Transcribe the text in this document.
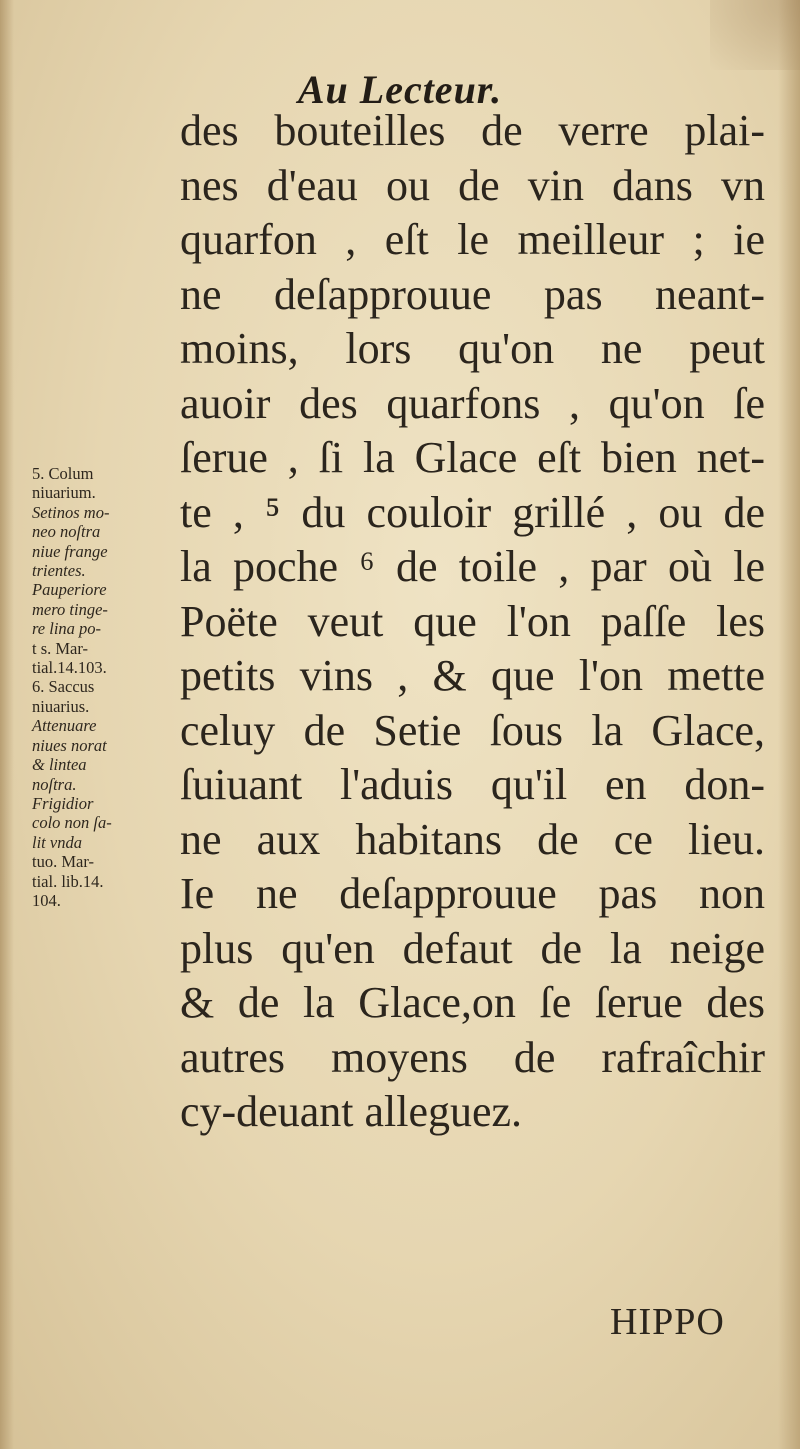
Au Lecteur.
des bouteilles de verre plai-
nes d'eau ou de vin dans vn
quarfon , eſt le meilleur ; ie
ne deſapprouue pas neant-
moins, lors qu'on ne peut
auoir des quarfons , qu'on ſe
ſerue , ſi la Glace eſt bien net-
te , ⁵ du couloir grillé , ou de
la poche ⁶ de toile , par où le
Poëte veut que l'on paſſe les
petits vins , & que l'on mette
celuy de Setie ſous la Glace,
ſuiuant l'aduis qu'il en don-
ne aux habitans de ce lieu.
Ie ne deſapprouue pas non
plus qu'en defaut de la neige
& de la Glace,on ſe ſerue des
autres moyens de rafraîchir
cy-deuant alleguez.
5. Colum
niuarium.
Setinos mo-
neo noſtra
niue frange
trientes.
Pauperiore
mero tinge-
re lina po-
t s. Mar-
tial.14.103.
6. Saccus
niuarius.
Attenuare
niues norat
& lintea
noſtra.
Frigidior
colo non ſa-
lit vnda
tuo. Mar-
tial. lib.14.
104.
HIPPO
